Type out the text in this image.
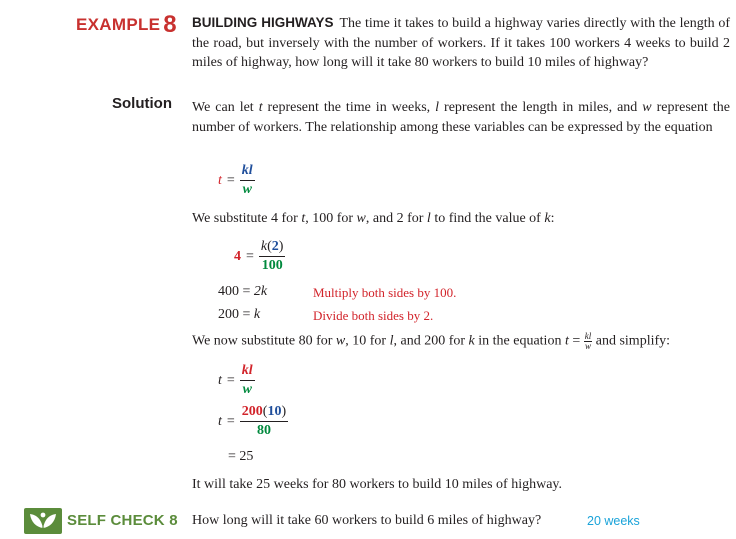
EXAMPLE 8 BUILDING HIGHWAYS The time it takes to build a highway varies directly with the length of the road, but inversely with the number of workers. If it takes 100 workers 4 weeks to build 2 miles of highway, how long will it take 80 workers to build 10 miles of highway?
Solution We can let t represent the time in weeks, l represent the length in miles, and w represent the number of workers. The relationship among these variables can be expressed by the equation
$t = \frac{kl}{w}$
We substitute 4 for t, 100 for w, and 2 for l to find the value of k:
$4 = \frac{k(2)}{100}$
400 = 2k	Multiply both sides by 100.
200 = k	Divide both sides by 2.
We now substitute 80 for w, 10 for l, and 200 for k in the equation $t = \frac{kl}{w}$ and simplify:
$t = \frac{kl}{w}$
$t = \frac{200(10)}{80}$
= 25
It will take 25 weeks for 80 workers to build 10 miles of highway.
SELF CHECK 8 How long will it take 60 workers to build 6 miles of highway?	20 weeks
